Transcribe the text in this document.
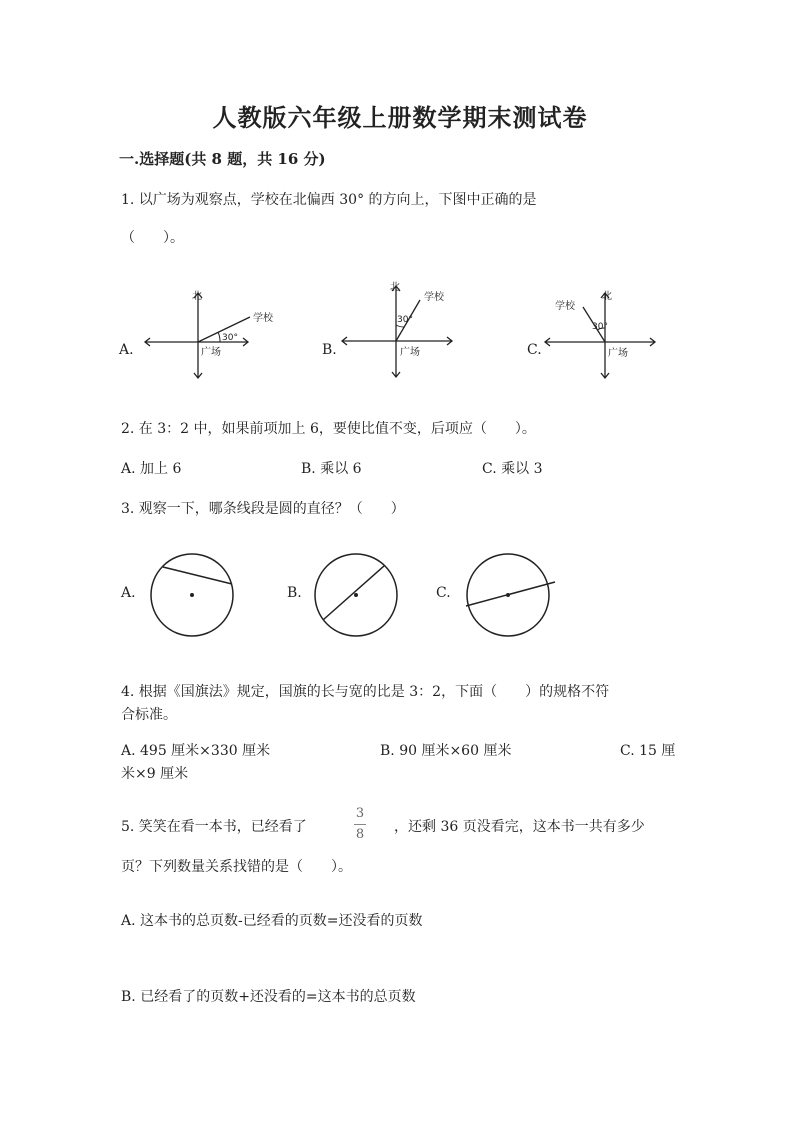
人教版六年级上册数学期末测试卷
一.选择题(共 8 题，共 16 分)
1. 以广场为观察点，学校在北偏西 30° 的方向上，下图中正确的是
（　　）。
A.	B.	C.
北
学校
30°
广场
北
学校
30°
广场
北
学校
30°
广场
2. 在 3：2 中，如果前项加上 6，要使比值不变，后项应（　　）。
A. 加上 6	B. 乘以 6	C. 乘以 3
3. 观察一下，哪条线段是圆的直径？（　　）
A.	B.	C.
4. 根据《国旗法》规定，国旗的长与宽的比是 3：2，下面（　　）的规格不符
合标准。
A. 495 厘米×330 厘米	B. 90 厘米×60 厘米	C. 15 厘
米×9 厘米
5. 笑笑在看一本书，已经看了
3
8 ，还剩 36 页没看完，这本书一共有多少
页？下列数量关系找错的是（　　）。
A. 这本书的总页数-已经看的页数=还没看的页数
B. 已经看了的页数+还没看的=这本书的总页数
